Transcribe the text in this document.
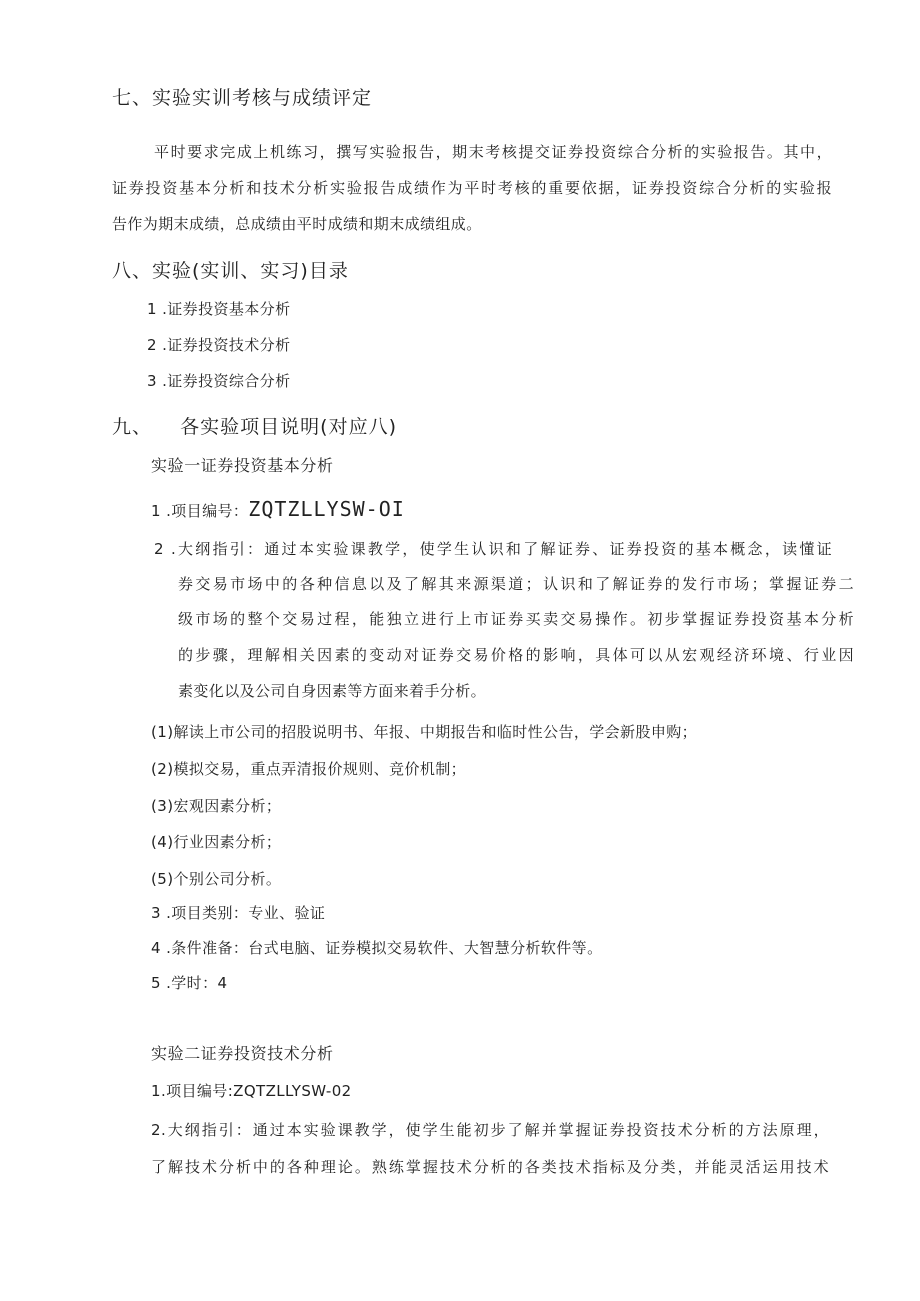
七、实验实训考核与成绩评定
平时要求完成上机练习，撰写实验报告，期末考核提交证券投资综合分析的实验报告。其中，
证券投资基本分析和技术分析实验报告成绩作为平时考核的重要依据，证券投资综合分析的实验报
告作为期末成绩，总成绩由平时成绩和期末成绩组成。
八、实验(实训、实习)目录
1 .证券投资基本分析
2 .证券投资技术分析
3 .证券投资综合分析
九、    各实验项目说明(对应八)
实验一证券投资基本分析
1 .项目编号：ZQTZLLYSW-OI
2 .大纲指引：通过本实验课教学，使学生认识和了解证券、证券投资的基本概念，读懂证
券交易市场中的各种信息以及了解其来源渠道；认识和了解证券的发行市场；掌握证券二
级市场的整个交易过程，能独立进行上市证券买卖交易操作。初步掌握证券投资基本分析
的步骤，理解相关因素的变动对证券交易价格的影响，具体可以从宏观经济环境、行业因
素变化以及公司自身因素等方面来着手分析。
(1)解读上市公司的招股说明书、年报、中期报告和临时性公告，学会新股申购；
(2)模拟交易，重点弄清报价规则、竞价机制；
(3)宏观因素分析；
(4)行业因素分析；
(5)个别公司分析。
3 .项目类别：专业、验证
4 .条件准备：台式电脑、证券模拟交易软件、大智慧分析软件等。
5 .学时：4
实验二证券投资技术分析
1.项目编号:ZQTZLLYSW-02
2.大纲指引：通过本实验课教学，使学生能初步了解并掌握证券投资技术分析的方法原理，
了解技术分析中的各种理论。熟练掌握技术分析的各类技术指标及分类，并能灵活运用技术
